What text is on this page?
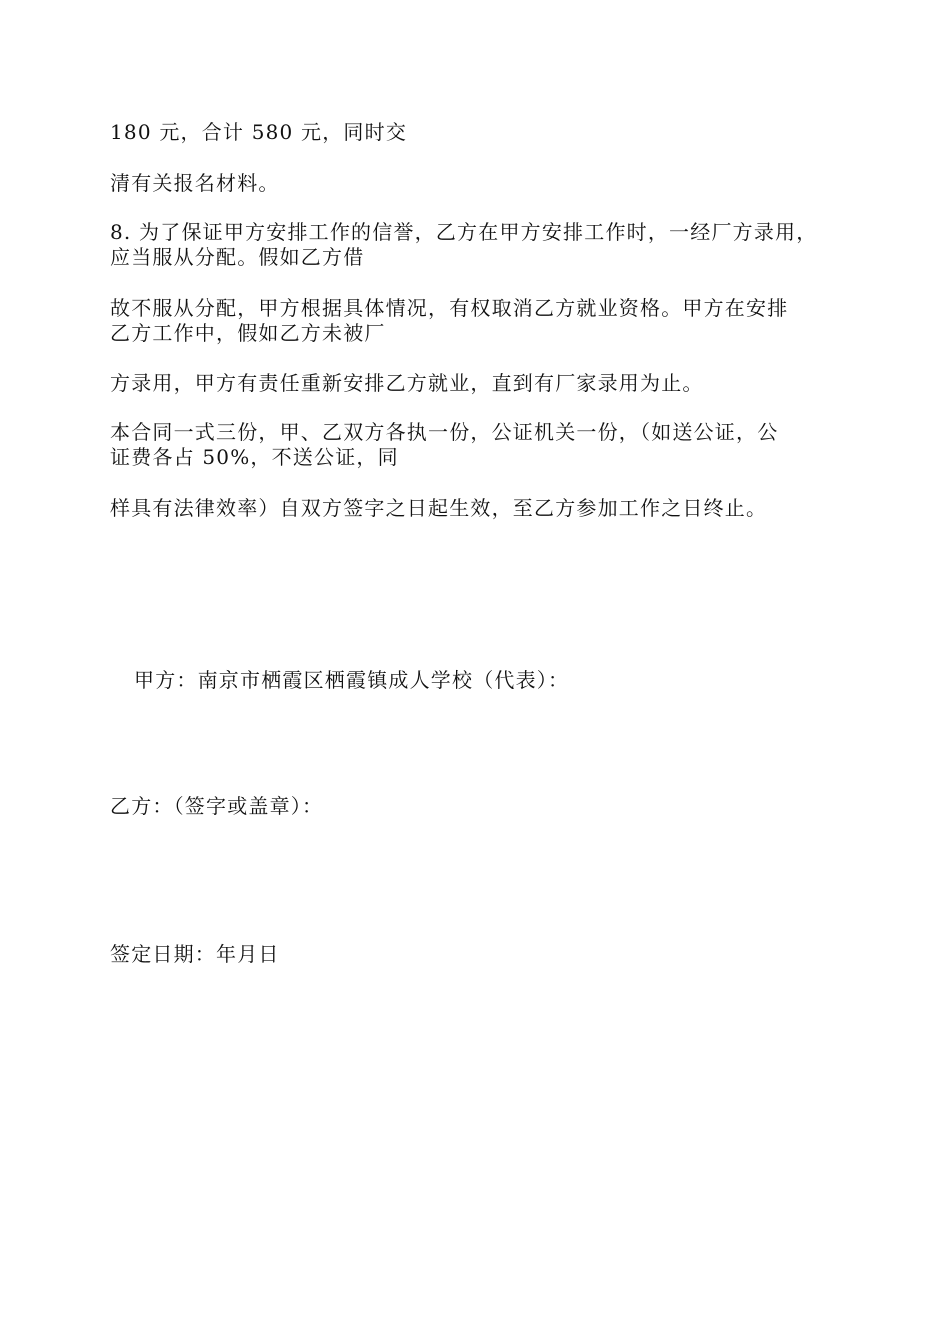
180 元，合计 580 元，同时交
清有关报名材料。
8. 为了保证甲方安排工作的信誉，乙方在甲方安排工作时，一经厂方录用，
应当服从分配。假如乙方借
故不服从分配，甲方根据具体情况，有权取消乙方就业资格。甲方在安排
乙方工作中，假如乙方未被厂
方录用，甲方有责任重新安排乙方就业，直到有厂家录用为止。
本合同一式三份，甲、乙双方各执一份，公证机关一份，（如送公证，公
证费各占 50%，不送公证，同
样具有法律效率）自双方签字之日起生效，至乙方参加工作之日终止。
甲方：南京市栖霞区栖霞镇成人学校（代表）：
乙方：（签字或盖章）：
签定日期：年月日
